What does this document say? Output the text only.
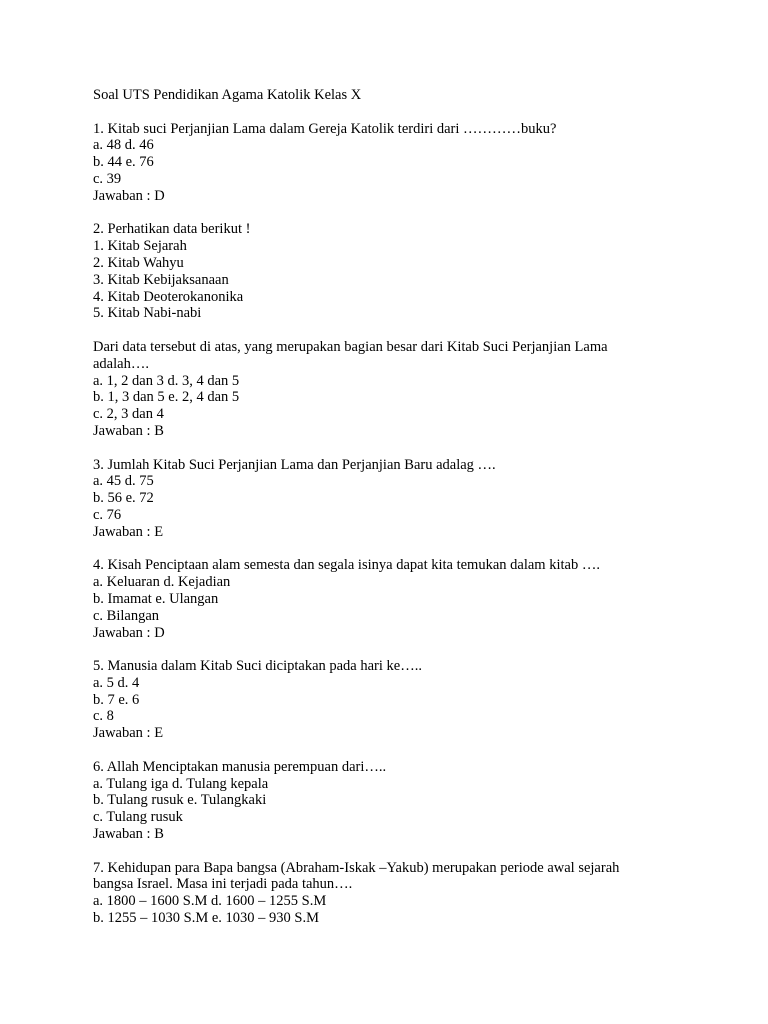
Soal UTS Pendidikan Agama Katolik Kelas X

1. Kitab suci Perjanjian Lama dalam Gereja Katolik terdiri dari …………buku?

a. 48 d. 46

b. 44 e. 76

c. 39

Jawaban : D

2. Perhatikan data berikut !

1. Kitab Sejarah

2. Kitab Wahyu

3. Kitab Kebijaksanaan

4. Kitab Deoterokanonika

5. Kitab Nabi-nabi

Dari data tersebut di atas, yang merupakan bagian besar dari Kitab Suci Perjanjian Lama

adalah….

a. 1, 2 dan 3 d. 3, 4 dan 5

b. 1, 3 dan 5 e. 2, 4 dan 5

c. 2, 3 dan 4

Jawaban : B

3. Jumlah Kitab Suci Perjanjian Lama dan Perjanjian Baru adalag ….

a. 45 d. 75

b. 56 e. 72

c. 76

Jawaban : E

4. Kisah Penciptaan alam semesta dan segala isinya dapat kita temukan dalam kitab ….

a. Keluaran d. Kejadian

b. Imamat e. Ulangan

c. Bilangan

Jawaban : D

5. Manusia dalam Kitab Suci diciptakan pada hari ke…..

a. 5 d. 4

b. 7 e. 6

c. 8

Jawaban : E

6. Allah Menciptakan manusia perempuan dari…..

a. Tulang iga d. Tulang kepala

b. Tulang rusuk e. Tulangkaki

c. Tulang rusuk

Jawaban : B

7. Kehidupan para Bapa bangsa (Abraham-Iskak –Yakub) merupakan periode awal sejarah

bangsa Israel. Masa ini terjadi pada tahun….

a. 1800 – 1600 S.M d. 1600 – 1255 S.M

b. 1255 – 1030 S.M e. 1030 – 930 S.M
